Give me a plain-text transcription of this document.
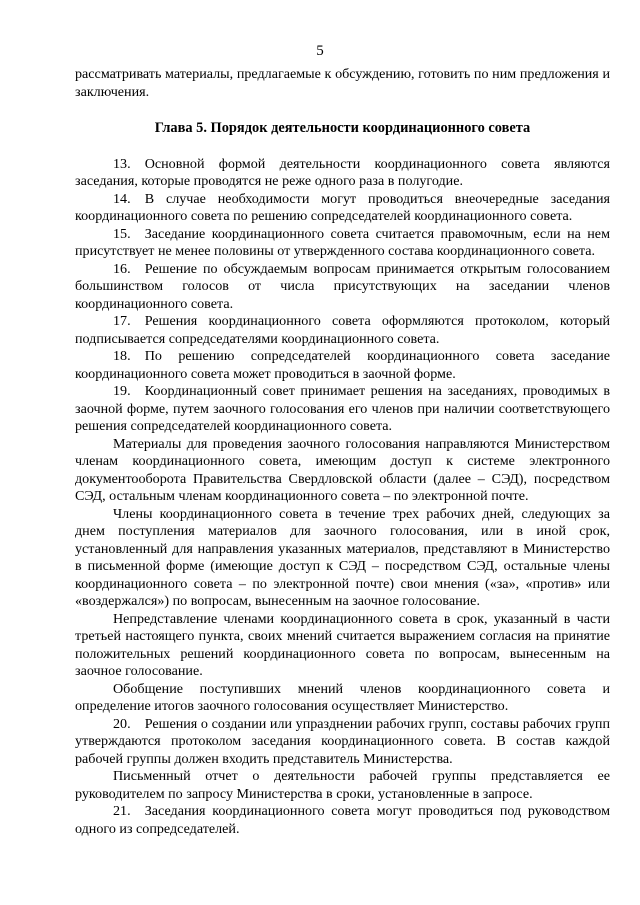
5

рассматривать материалы, предлагаемые к обсуждению, готовить по ним предложения и заключения.

Глава 5. Порядок деятельности координационного совета

13. Основной формой деятельности координационного совета являются заседания, которые проводятся не реже одного раза в полугодие.

14. В случае необходимости могут проводиться внеочередные заседания координационного совета по решению сопредседателей координационного совета.

15. Заседание координационного совета считается правомочным, если на нем присутствует не менее половины от утвержденного состава координационного совета.

16. Решение по обсуждаемым вопросам принимается открытым голосованием большинством голосов от числа присутствующих на заседании членов координационного совета.

17. Решения координационного совета оформляются протоколом, который подписывается сопредседателями координационного совета.

18. По решению сопредседателей координационного совета заседание координационного совета может проводиться в заочной форме.

19. Координационный совет принимает решения на заседаниях, проводимых в заочной форме, путем заочного голосования его членов при наличии соответствующего решения сопредседателей координационного совета.

Материалы для проведения заочного голосования направляются Министерством членам координационного совета, имеющим доступ к системе электронного документооборота Правительства Свердловской области (далее – СЭД), посредством СЭД, остальным членам координационного совета – по электронной почте.

Члены координационного совета в течение трех рабочих дней, следующих за днем поступления материалов для заочного голосования, или в иной срок, установленный для направления указанных материалов, представляют в Министерство в письменной форме (имеющие доступ к СЭД – посредством СЭД, остальные члены координационного совета – по электронной почте) свои мнения («за», «против» или «воздержался») по вопросам, вынесенным на заочное голосование.

Непредставление членами координационного совета в срок, указанный в части третьей настоящего пункта, своих мнений считается выражением согласия на принятие положительных решений координационного совета по вопросам, вынесенным на заочное голосование.

Обобщение поступивших мнений членов координационного совета и определение итогов заочного голосования осуществляет Министерство.

20. Решения о создании или упразднении рабочих групп, составы рабочих групп утверждаются протоколом заседания координационного совета. В состав каждой рабочей группы должен входить представитель Министерства.

Письменный отчет о деятельности рабочей группы представляется ее руководителем по запросу Министерства в сроки, установленные в запросе.

21. Заседания координационного совета могут проводиться под руководством одного из сопредседателей.
